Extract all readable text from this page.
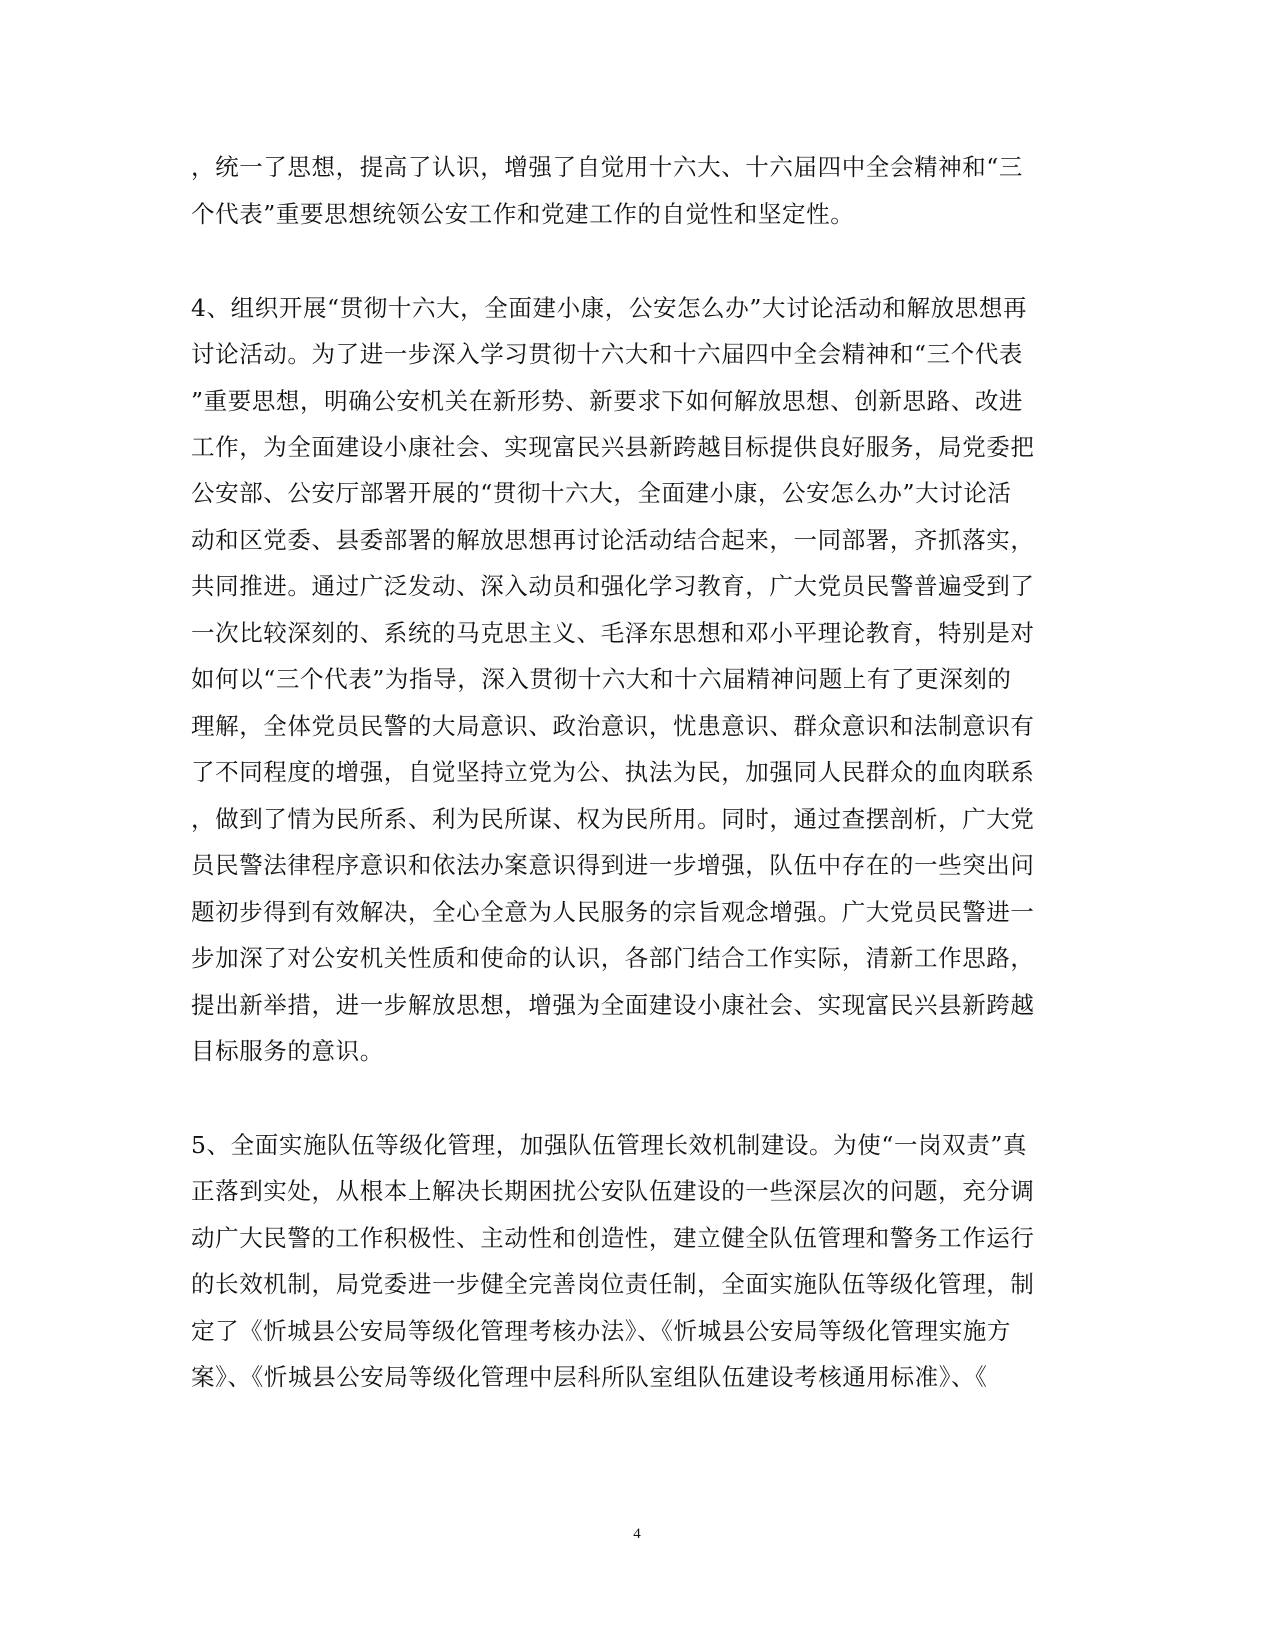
，统一了思想，提高了认识，增强了自觉用十六大、十六届四中全会精神和“三
个代表”重要思想统领公安工作和党建工作的自觉性和坚定性。
4、组织开展“贯彻十六大，全面建小康，公安怎么办”大讨论活动和解放思想再
讨论活动。为了进一步深入学习贯彻十六大和十六届四中全会精神和“三个代表
”重要思想，明确公安机关在新形势、新要求下如何解放思想、创新思路、改进
工作，为全面建设小康社会、实现富民兴县新跨越目标提供良好服务，局党委把
公安部、公安厅部署开展的“贯彻十六大，全面建小康，公安怎么办”大讨论活
动和区党委、县委部署的解放思想再讨论活动结合起来，一同部署，齐抓落实，
共同推进。通过广泛发动、深入动员和强化学习教育，广大党员民警普遍受到了
一次比较深刻的、系统的马克思主义、毛泽东思想和邓小平理论教育，特别是对
如何以“三个代表”为指导，深入贯彻十六大和十六届精神问题上有了更深刻的
理解，全体党员民警的大局意识、政治意识，忧患意识、群众意识和法制意识有
了不同程度的增强，自觉坚持立党为公、执法为民，加强同人民群众的血肉联系
，做到了情为民所系、利为民所谋、权为民所用。同时，通过查摆剖析，广大党
员民警法律程序意识和依法办案意识得到进一步增强，队伍中存在的一些突出问
题初步得到有效解决，全心全意为人民服务的宗旨观念增强。广大党员民警进一
步加深了对公安机关性质和使命的认识，各部门结合工作实际，清新工作思路，
提出新举措，进一步解放思想，增强为全面建设小康社会、实现富民兴县新跨越
目标服务的意识。
5、全面实施队伍等级化管理，加强队伍管理长效机制建设。为使“一岗双责”真
正落到实处，从根本上解决长期困扰公安队伍建设的一些深层次的问题，充分调
动广大民警的工作积极性、主动性和创造性，建立健全队伍管理和警务工作运行
的长效机制，局党委进一步健全完善岗位责任制，全面实施队伍等级化管理，制
定了《忻城县公安局等级化管理考核办法》、《忻城县公安局等级化管理实施方
案》、《忻城县公安局等级化管理中层科所队室组队伍建设考核通用标准》、《
4
